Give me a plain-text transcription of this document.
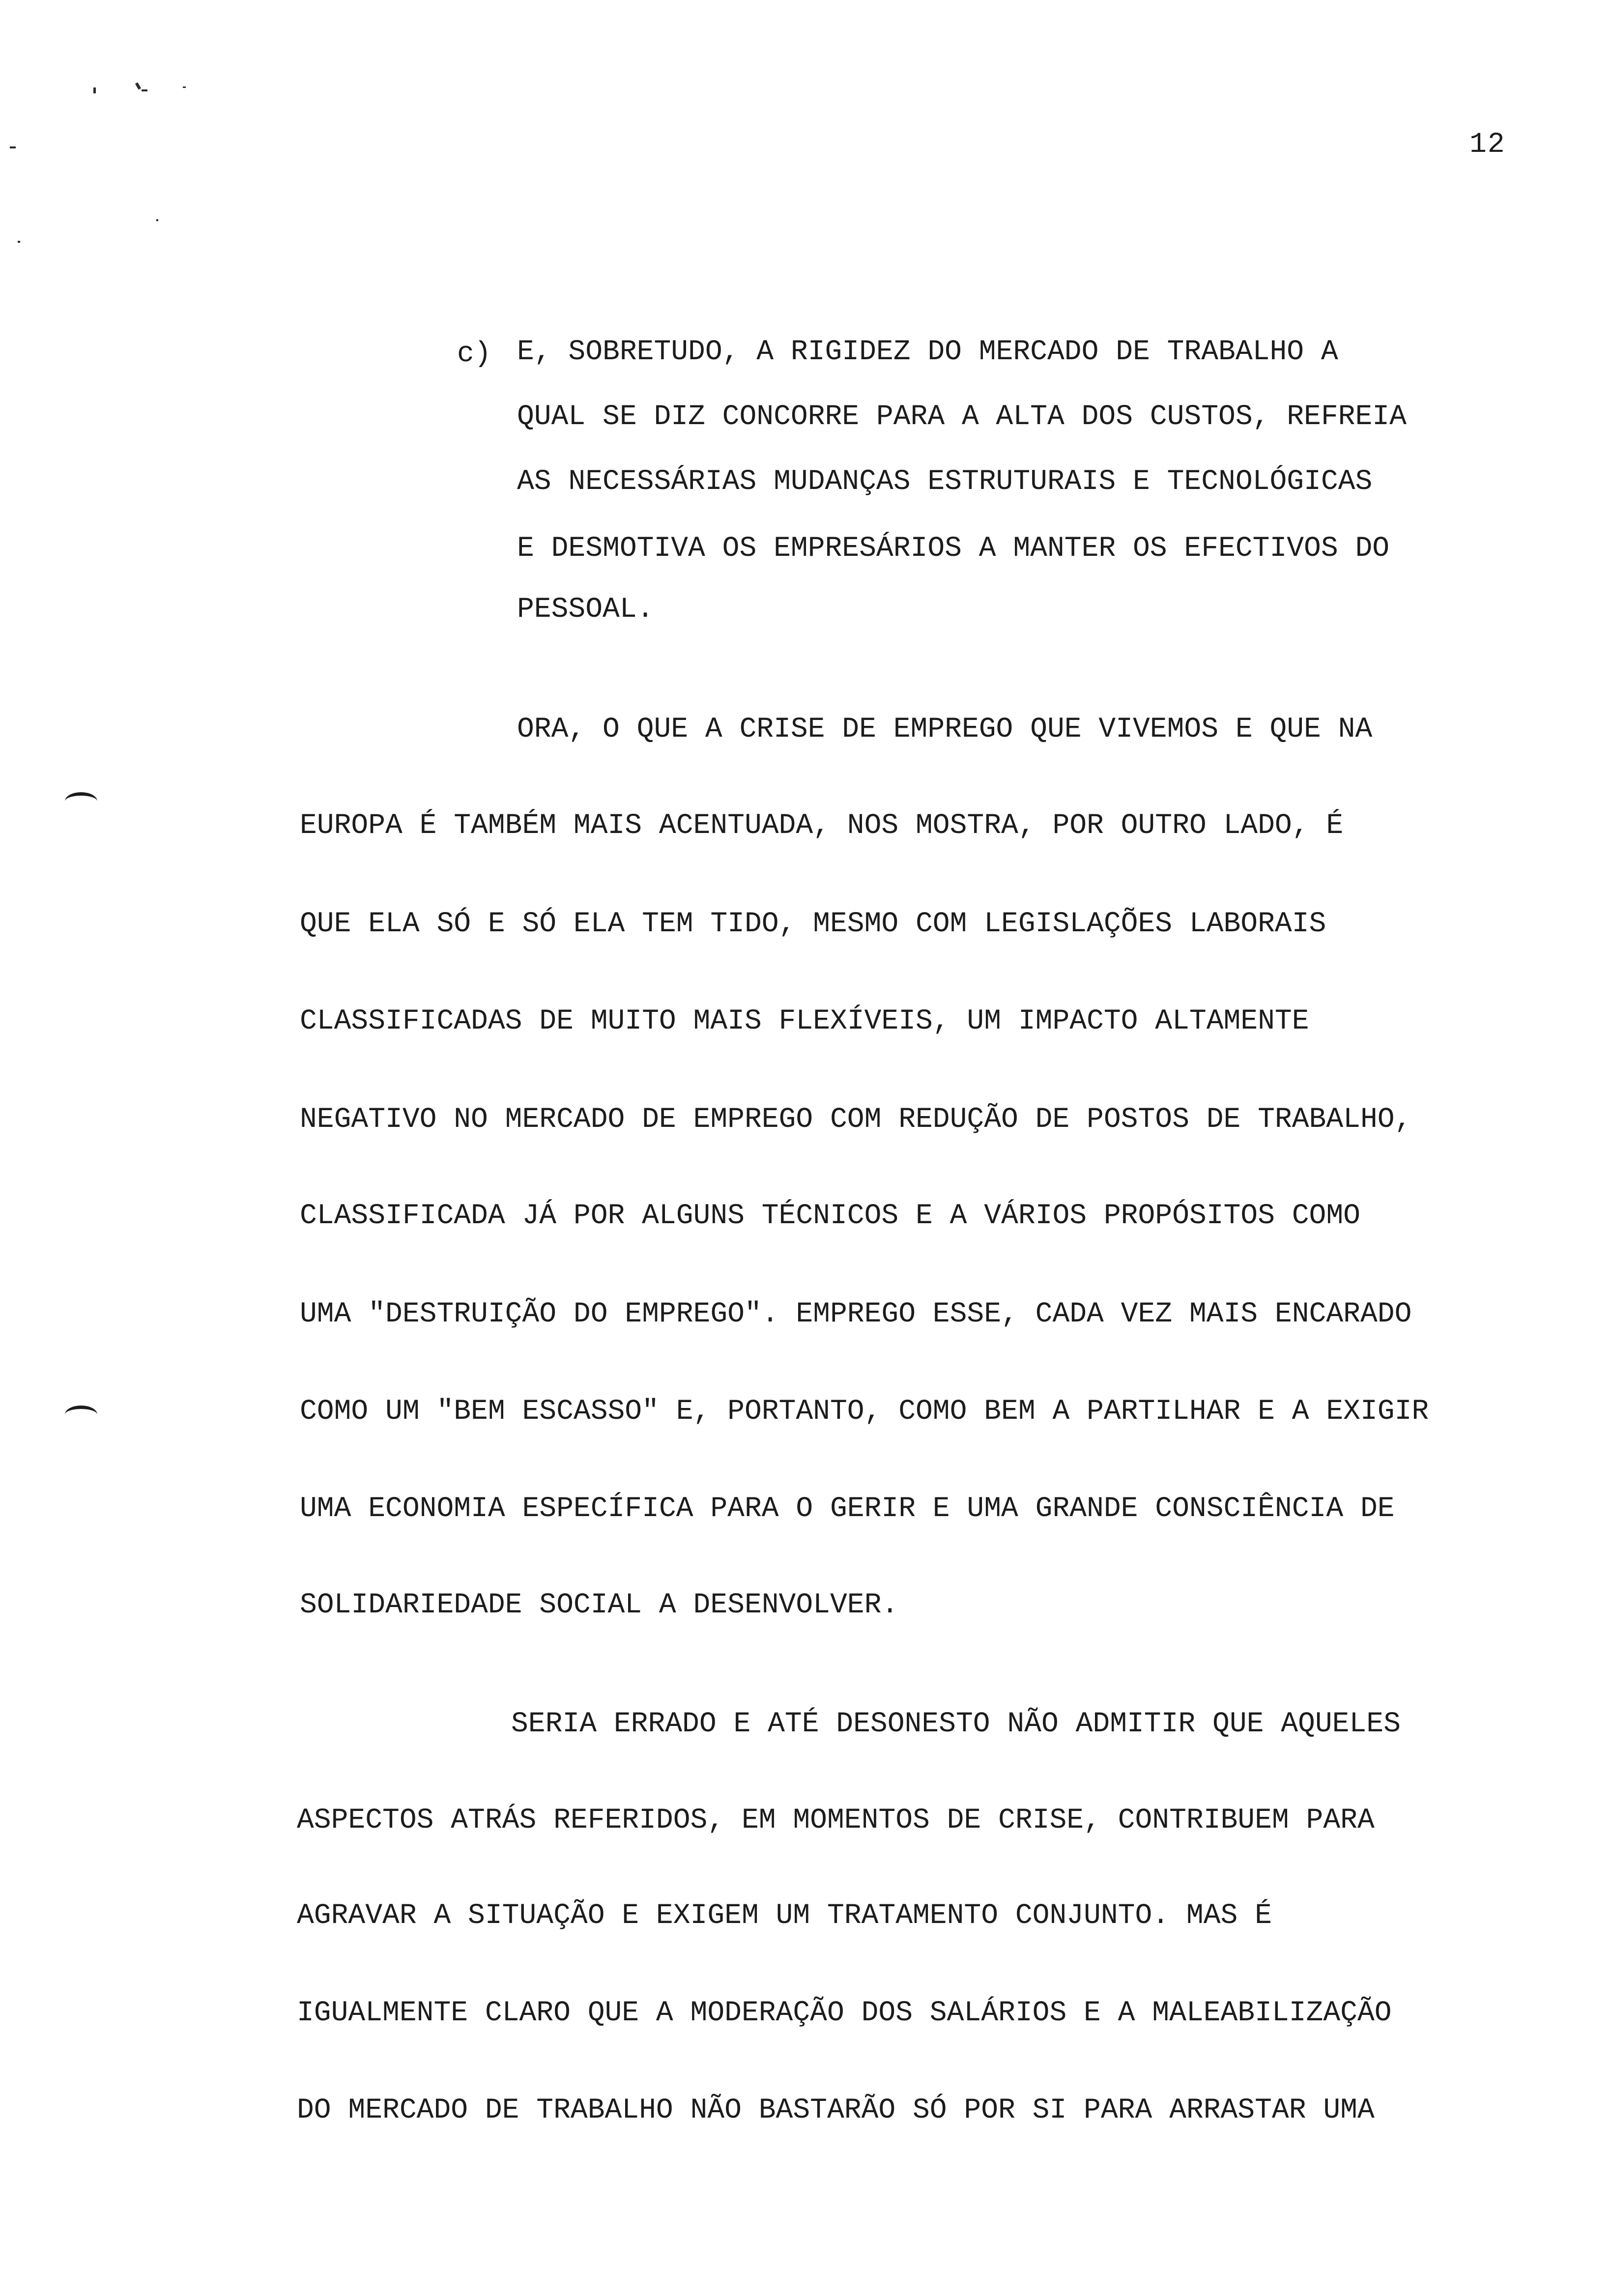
12
c) E, SOBRETUDO, A RIGIDEZ DO MERCADO DE TRABALHO A
QUAL SE DIZ CONCORRE PARA A ALTA DOS CUSTOS, REFREIA
AS NECESSÁRIAS MUDANÇAS ESTRUTURAIS E TECNOLÓGICAS
E DESMOTIVA OS EMPRESÁRIOS A MANTER OS EFECTIVOS DO
PESSOAL.
ORA, O QUE A CRISE DE EMPREGO QUE VIVEMOS E QUE NA
EUROPA É TAMBÉM MAIS ACENTUADA, NOS MOSTRA, POR OUTRO LADO, É
QUE ELA SÓ E SÓ ELA TEM TIDO, MESMO COM LEGISLAÇÕES LABORAIS
CLASSIFICADAS DE MUITO MAIS FLEXÍVEIS, UM IMPACTO ALTAMENTE
NEGATIVO NO MERCADO DE EMPREGO COM REDUÇÃO DE POSTOS DE TRABALHO,
CLASSIFICADA JÁ POR ALGUNS TÉCNICOS E A VÁRIOS PROPÓSITOS COMO
UMA "DESTRUIÇÃO DO EMPREGO". EMPREGO ESSE, CADA VEZ MAIS ENCARADO
COMO UM "BEM ESCASSO" E, PORTANTO, COMO BEM A PARTILHAR E A EXIGIR
UMA ECONOMIA ESPECÍFICA PARA O GERIR E UMA GRANDE CONSCIÊNCIA DE
SOLIDARIEDADE SOCIAL A DESENVOLVER.
SERIA ERRADO E ATÉ DESONESTO NÃO ADMITIR QUE AQUELES
ASPECTOS ATRÁS REFERIDOS, EM MOMENTOS DE CRISE, CONTRIBUEM PARA
AGRAVAR A SITUAÇÃO E EXIGEM UM TRATAMENTO CONJUNTO. MAS É
IGUALMENTE CLARO QUE A MODERAÇÃO DOS SALÁRIOS E A MALEABILIZAÇÃO
DO MERCADO DE TRABALHO NÃO BASTARÃO SÓ POR SI PARA ARRASTAR UMA
